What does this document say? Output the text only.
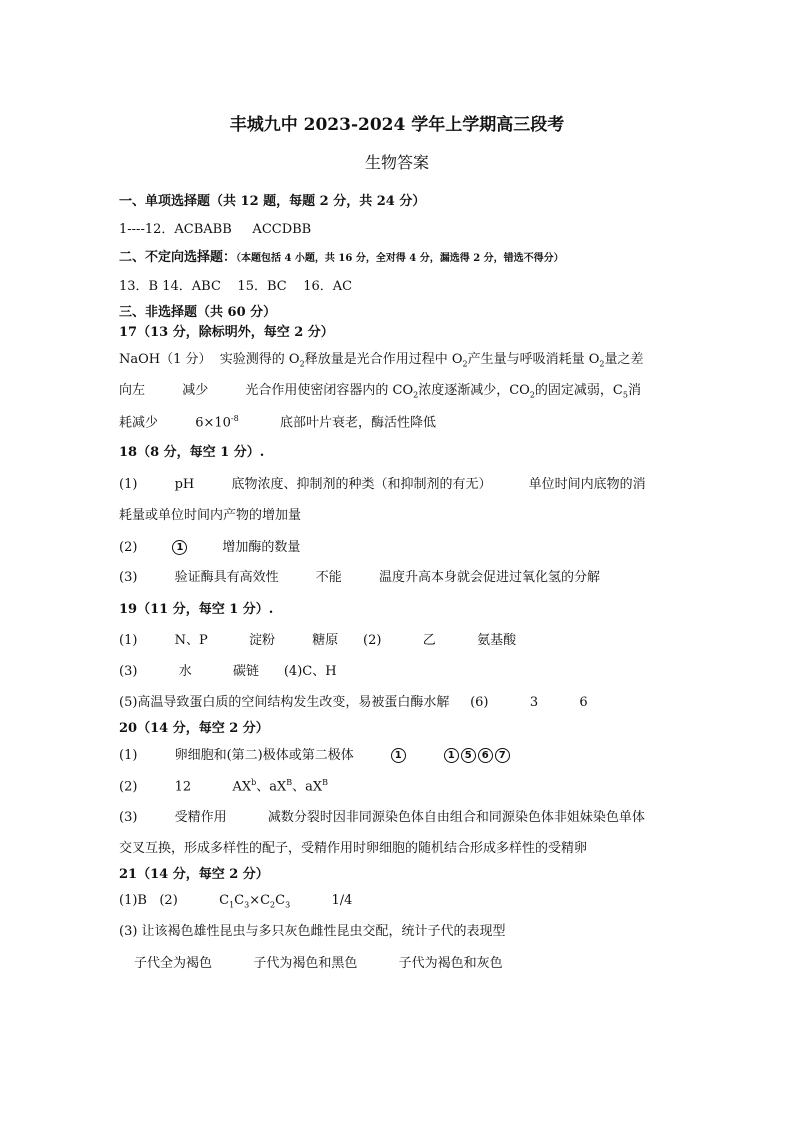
丰城九中 2023-2024 学年上学期高三段考
生物答案
一、单项选择题（共 12 题，每题 2 分，共 24 分）
1----12．ACBABB     ACCDBB
二、不定向选择题：（本题包括 4 小题，共 16 分，全对得 4 分，漏选得 2 分，错选不得分）
13．B 14．ABC    15．BC    16．AC
三、非选择题（共 60 分）
17（13 分，除标明外，每空 2 分）
NaOH（1 分）  实验测得的 $O_2$释放量是光合作用过程中 $O_2$产生量与呼吸消耗量 $O_2$量之差
向左         减少         光合作用使密闭容器内的 $CO_2$浓度逐渐减少，$CO_2$的固定减弱，$C_5$消
耗减少         $6\times 10^{-8}$          底部叶片衰老，酶活性降低
18（8 分，每空 1 分）.
(1)         pH         底物浓度、抑制剂的种类（和抑制剂的有无）         单位时间内底物的消
耗量或单位时间内产物的增加量
(2)	1	增加酶的数量
(3)         验证酶具有高效性         不能         温度升高本身就会促进过氧化氢的分解
19（11 分，每空 1 分）.
(1)         N、P          淀粉         糖原      (2)          乙          氨基酸
(3)          水          碳链      (4)C、H
(5)高温导致蛋白质的空间结构发生改变，易被蛋白酶水解     (6)          3          6
20（14 分，每空 2 分）
(1)         卵细胞和(第二)极体或第二极体	1	1 5 6 7
(2)         12          $AX^b$、$aX^B$、$aX^B$
(3)         受精作用          减数分裂时因非同源染色体自由组合和同源染色体非姐妹染色单体
交叉互换，形成多样性的配子，受精作用时卵细胞的随机结合形成多样性的受精卵
21（14 分，每空 2 分）
(1)B   (2)          $C_1C_3\times C_2C_3$          1/4
(3) 让该褐色雄性昆虫与多只灰色雌性昆虫交配，统计子代的表现型
子代全为褐色          子代为褐色和黑色          子代为褐色和灰色
